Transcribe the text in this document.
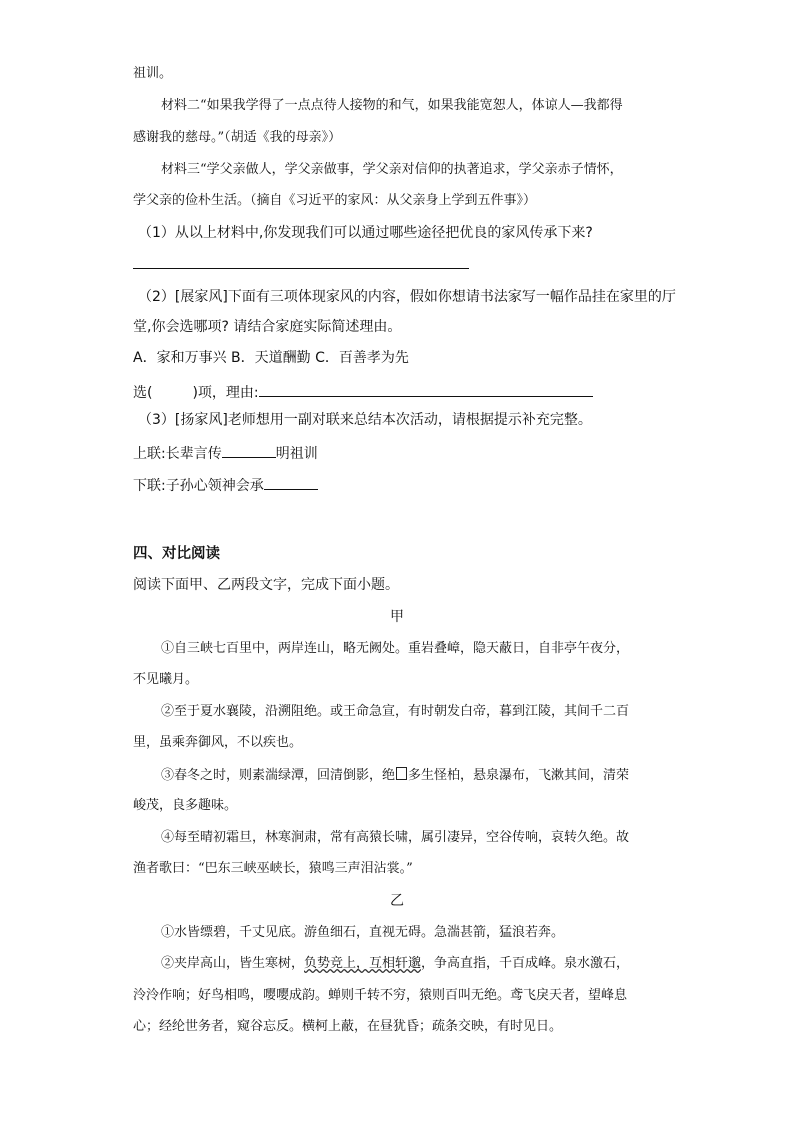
祖训。
材料二“如果我学得了一点点待人接物的和气，如果我能宽恕人，体谅人—我都得
感谢我的慈母。”（胡适《我的母亲》）
材料三“学父亲做人，学父亲做事，学父亲对信仰的执著追求，学父亲赤子情怀，
学父亲的俭朴生活。（摘自《习近平的家风：从父亲身上学到五件事》）
（1）从以上材料中,你发现我们可以通过哪些途径把优良的家风传承下来?
（2）[展家风]下面有三项体现家风的内容，假如你想请书法家写一幅作品挂在家里的厅
堂,你会选哪项? 请结合家庭实际简述理由。
A．家和万事兴 B．天道酬勤 C．百善孝为先
选(	)项，理由:
（3）[扬家风]老师想用一副对联来总结本次活动，请根据提示补充完整。
上联:长辈言传	明祖训
下联:子孙心领神会承
四、对比阅读
阅读下面甲、乙两段文字，完成下面小题。
甲
①自三峡七百里中，两岸连山，略无阙处。重岩叠嶂，隐天蔽日，自非亭午夜分，
不见曦月。
②至于夏水襄陵，沿溯阻绝。或王命急宣，有时朝发白帝，暮到江陵，其间千二百
里，虽乘奔御风，不以疾也。
③春冬之时，则素湍绿潭，回清倒影，绝 多生怪柏，悬泉瀑布，飞漱其间，清荣
峻茂，良多趣味。
④每至晴初霜旦，林寒涧肃，常有高猿长啸，属引凄异，空谷传响，哀转久绝。故
渔者歌曰：“巴东三峡巫峡长，猿鸣三声泪沾裳。”
乙
①水皆缥碧，千丈见底。游鱼细石，直视无碍。急湍甚箭，猛浪若奔。
②夹岸高山，皆生寒树，负势竞上，互相轩邈，争高直指，千百成峰。泉水激石，
泠泠作响；好鸟相鸣，嘤嘤成韵。蝉则千转不穷，猿则百叫无绝。鸢飞戾天者，望峰息
心；经纶世务者，窥谷忘反。横柯上蔽，在昼犹昏；疏条交映，有时见日。
